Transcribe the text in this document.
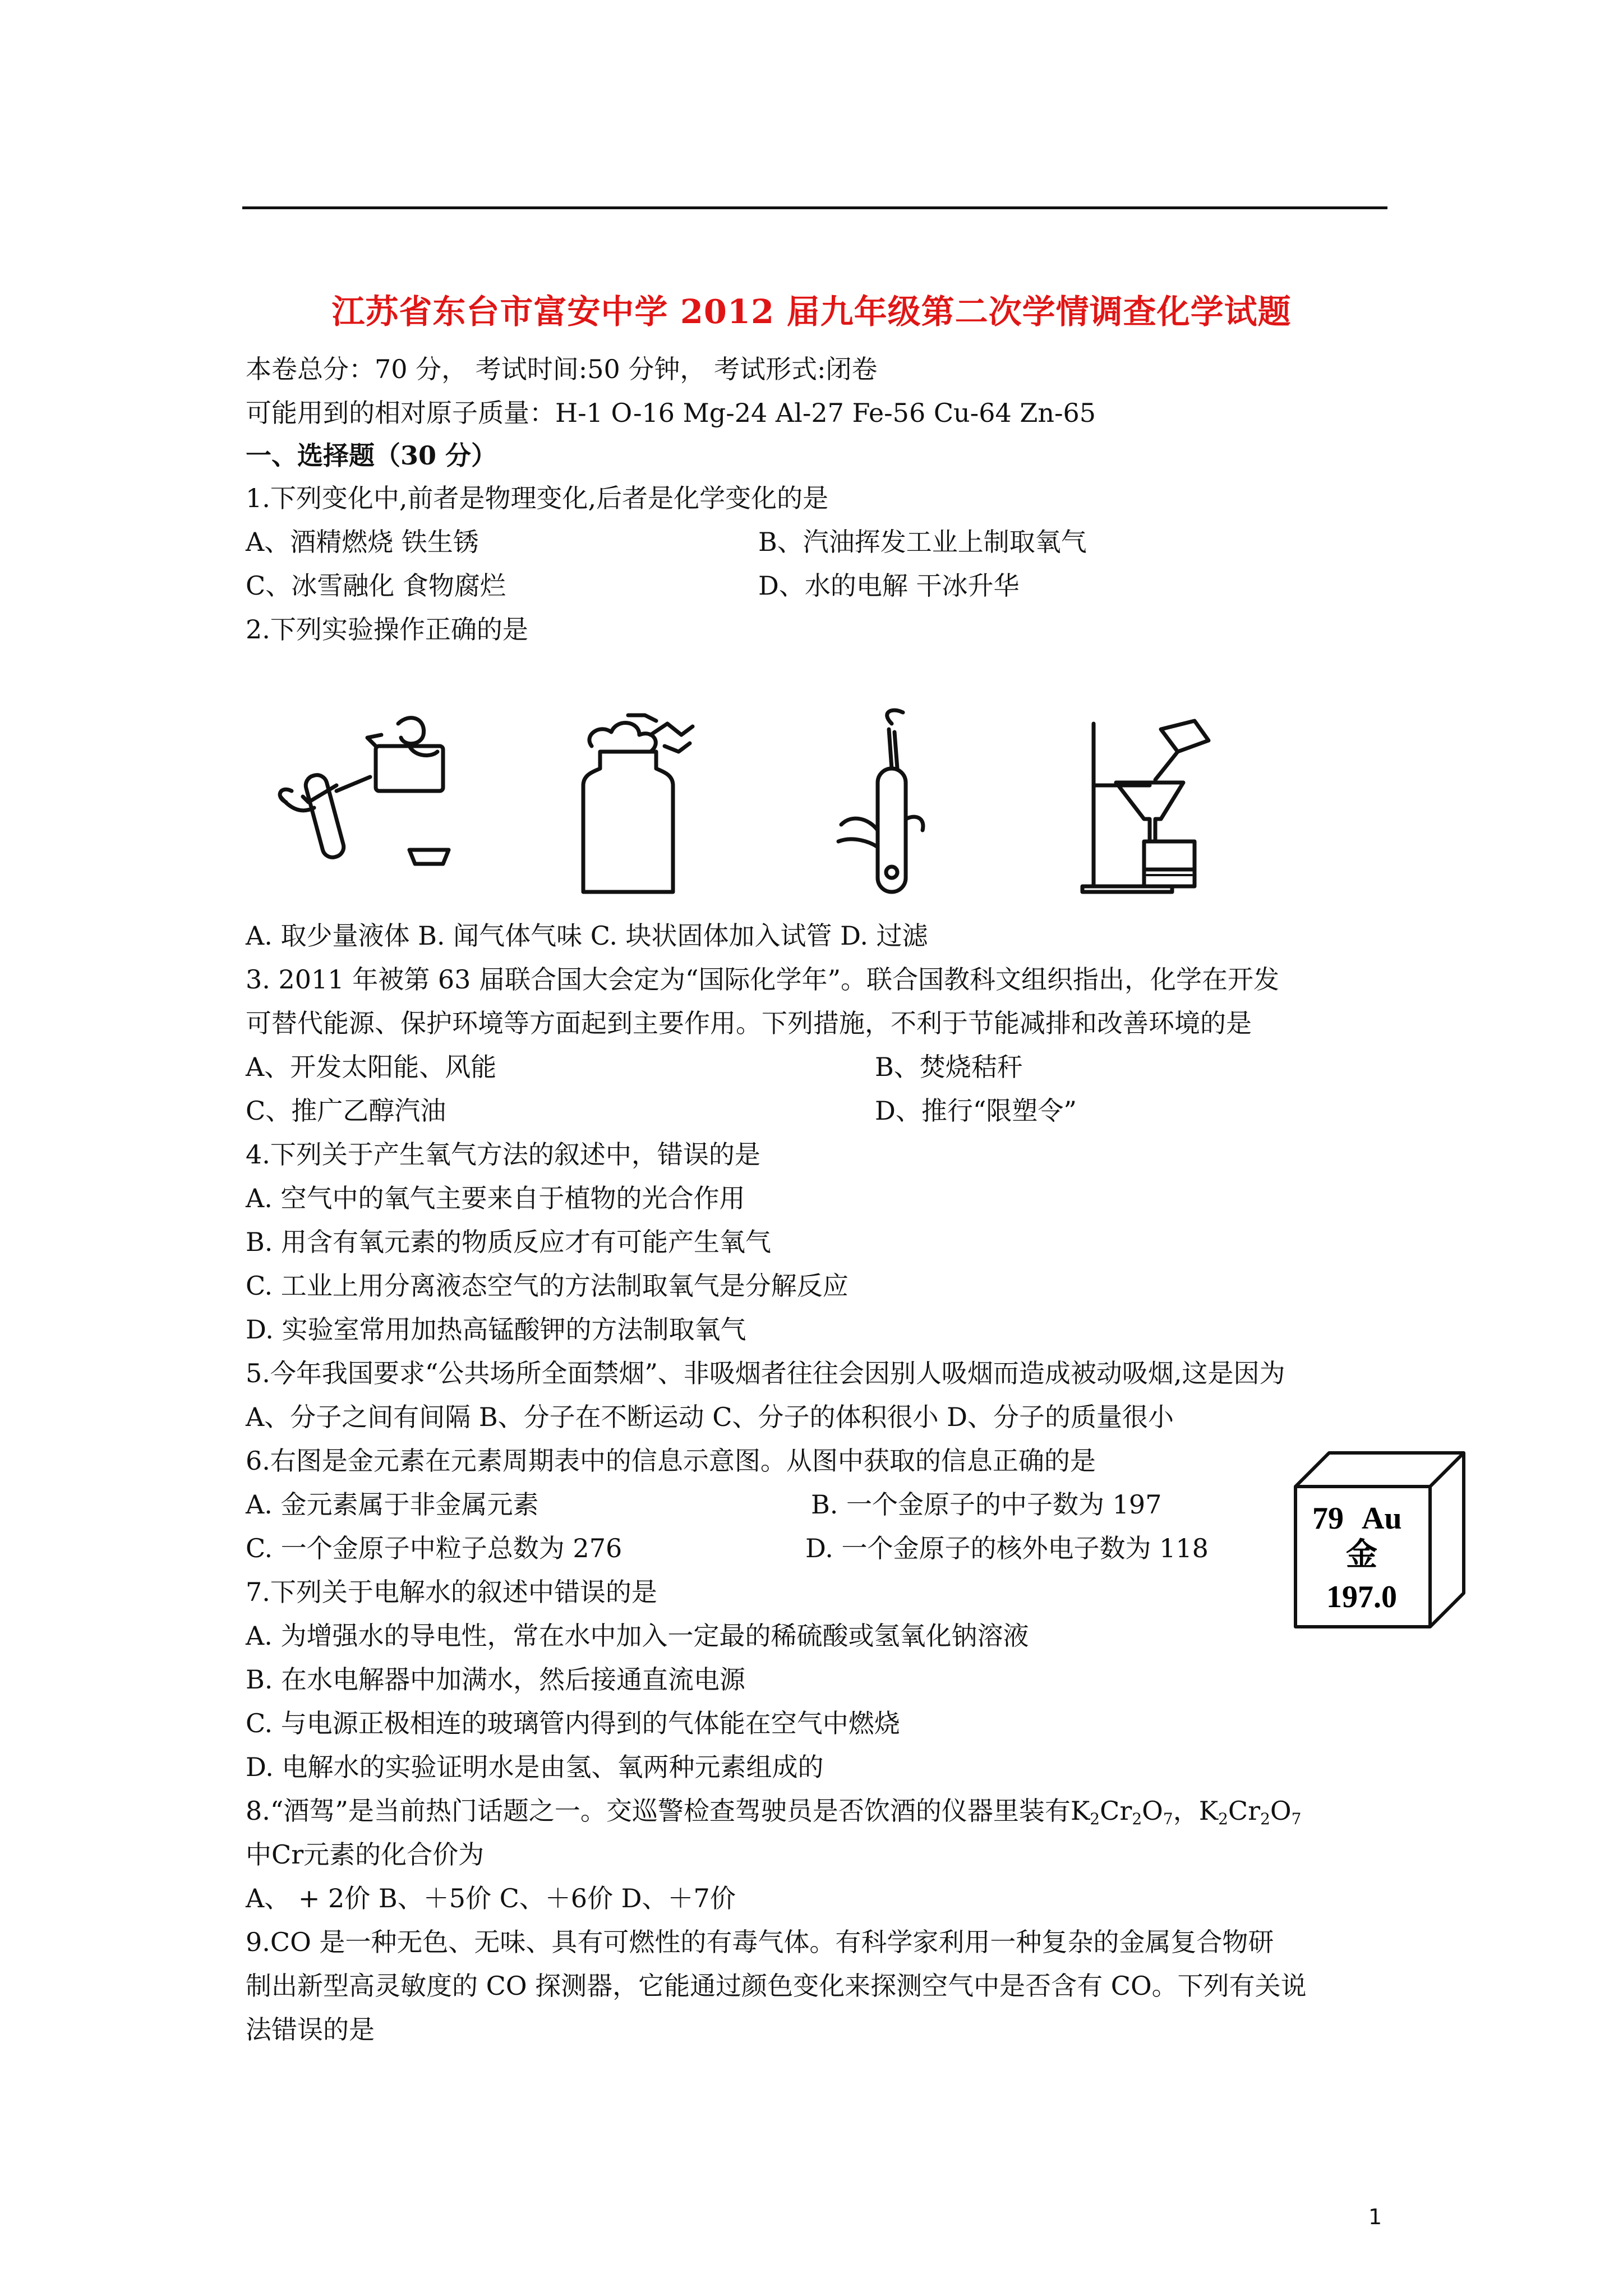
江苏省东台市富安中学 2012 届九年级第二次学情调查化学试题
本卷总分：70 分， 考试时间:50 分钟， 考试形式:闭卷
可能用到的相对原子质量：H-1 O-16 Mg-24 Al-27 Fe-56 Cu-64 Zn-65
一、选择题（30 分）
1.下列变化中,前者是物理变化,后者是化学变化的是
A、酒精燃烧 铁生锈	B、汽油挥发工业上制取氧气
C、冰雪融化 食物腐烂	D、水的电解 干冰升华
2.下列实验操作正确的是
A. 取少量液体 B. 闻气体气味 C. 块状固体加入试管 D. 过滤
3. 2011 年被第 63 届联合国大会定为“国际化学年”。联合国教科文组织指出，化学在开发
可替代能源、保护环境等方面起到主要作用。下列措施，不利于节能减排和改善环境的是
A、开发太阳能、风能	B、焚烧秸秆
C、推广乙醇汽油	D、推行“限塑令”
4.下列关于产生氧气方法的叙述中，错误的是
A. 空气中的氧气主要来自于植物的光合作用
B. 用含有氧元素的物质反应才有可能产生氧气
C. 工业上用分离液态空气的方法制取氧气是分解反应
D. 实验室常用加热高锰酸钾的方法制取氧气
5.今年我国要求“公共场所全面禁烟”、非吸烟者往往会因别人吸烟而造成被动吸烟,这是因为
A、分子之间有间隔 B、分子在不断运动 C、分子的体积很小 D、分子的质量很小
6.右图是金元素在元素周期表中的信息示意图。从图中获取的信息正确的是
A. 金元素属于非金属元素	B. 一个金原子的中子数为 197
C. 一个金原子中粒子总数为 276	D. 一个金原子的核外电子数为 118
79 Au
金
197.0
7.下列关于电解水的叙述中错误的是
A. 为增强水的导电性，常在水中加入一定最的稀硫酸或氢氧化钠溶液
B. 在水电解器中加满水，然后接通直流电源
C. 与电源正极相连的玻璃管内得到的气体能在空气中燃烧
D. 电解水的实验证明水是由氢、氧两种元素组成的
8.“酒驾”是当前热门话题之一。交巡警检查驾驶员是否饮酒的仪器里装有$K_2Cr_2O_7$，$K_2Cr_2O_7$
中Cr元素的化合价为
A、 + 2价 B、＋5价 C、＋6价 D、＋7价
9.CO 是一种无色、无味、具有可燃性的有毒气体。有科学家利用一种复杂的金属复合物研
制出新型高灵敏度的 CO 探测器，它能通过颜色变化来探测空气中是否含有 CO。下列有关说
法错误的是
1
